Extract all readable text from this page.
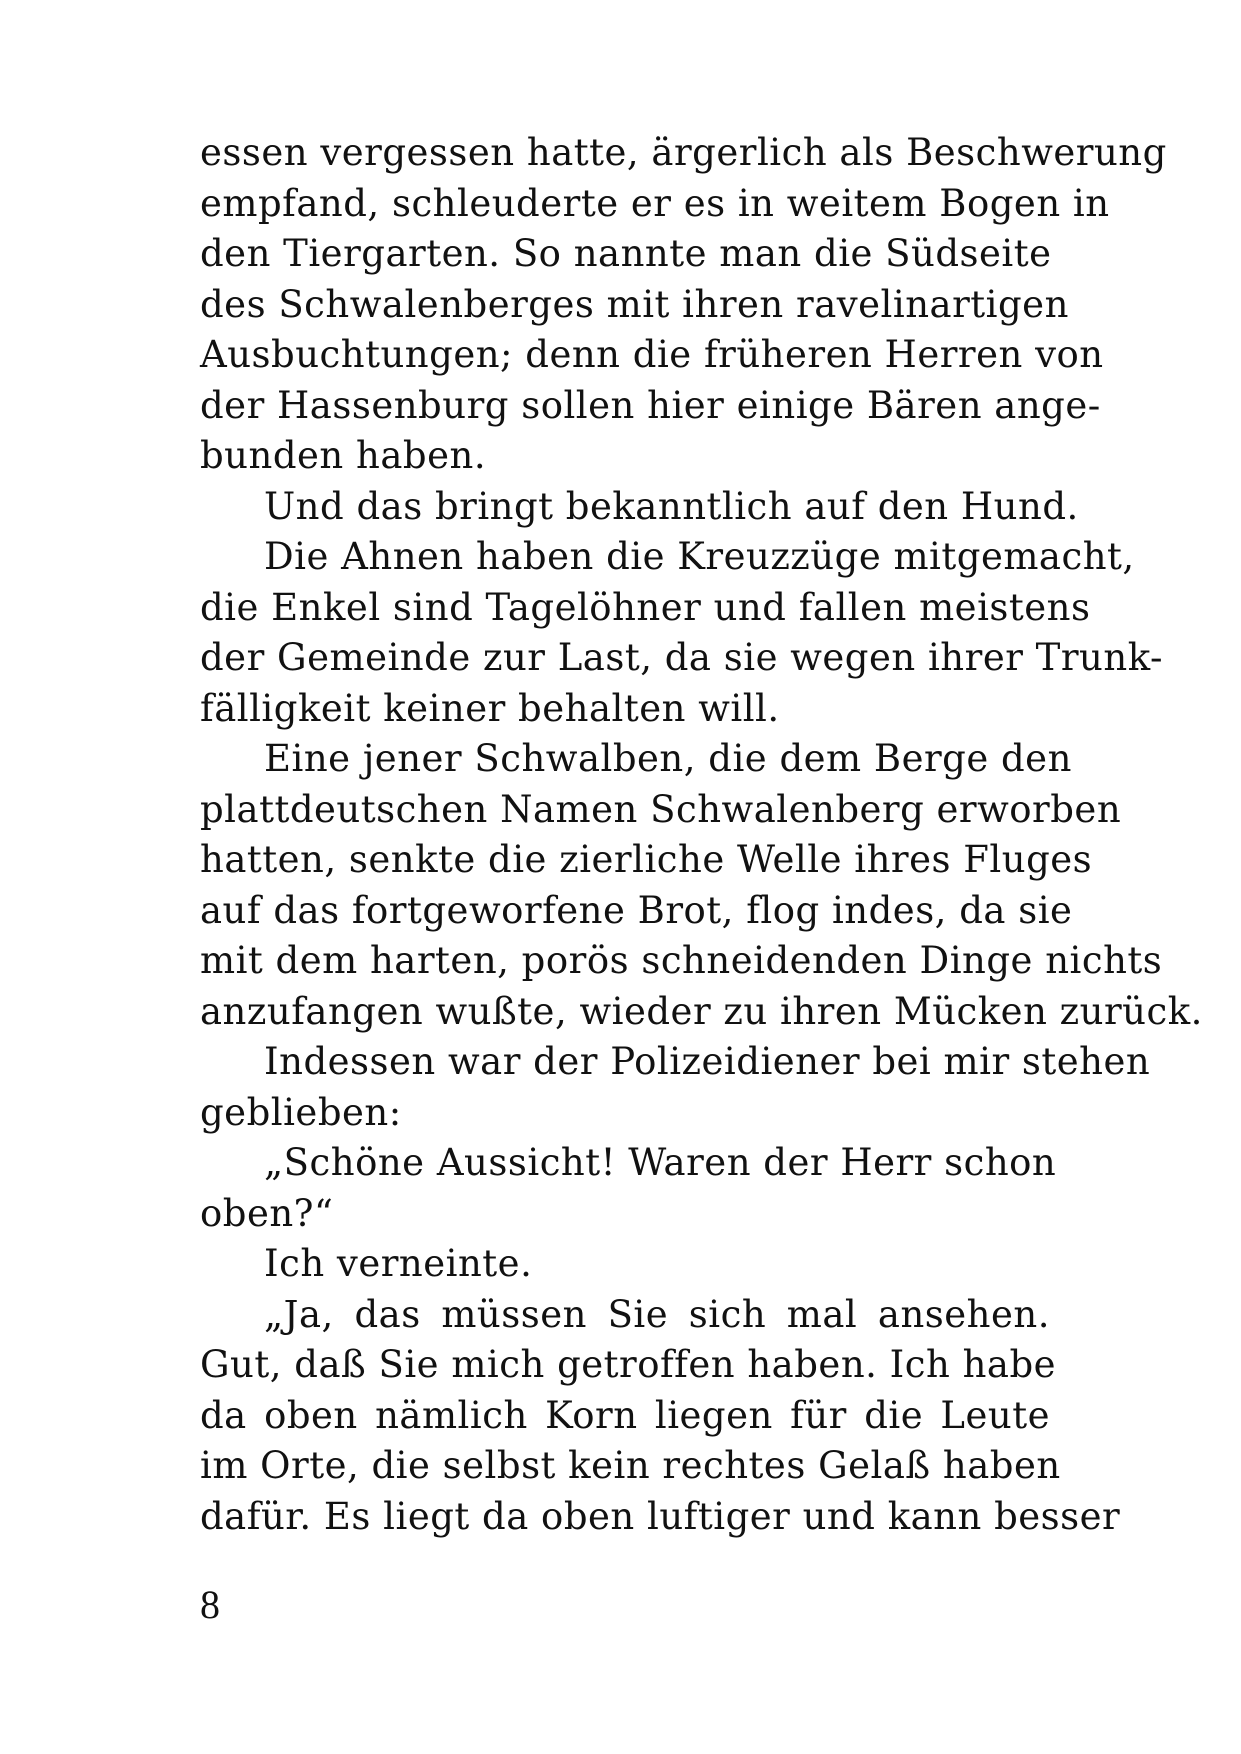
essen vergessen hatte, ärgerlich als Beschwerung
empfand, schleuderte er es in weitem Bogen in
den Tiergarten. So nannte man die Südseite
des Schwalenberges mit ihren ravelinartigen
Ausbuchtungen; denn die früheren Herren von
der Hassenburg sollen hier einige Bären ange-
bunden haben.
Und das bringt bekanntlich auf den Hund.
Die Ahnen haben die Kreuzzüge mitgemacht,
die Enkel sind Tagelöhner und fallen meistens
der Gemeinde zur Last, da sie wegen ihrer Trunk-
fälligkeit keiner behalten will.
Eine jener Schwalben, die dem Berge den
plattdeutschen Namen Schwalenberg erworben
hatten, senkte die zierliche Welle ihres Fluges
auf das fortgeworfene Brot, flog indes, da sie
mit dem harten, porös schneidenden Dinge nichts
anzufangen wußte, wieder zu ihren Mücken zurück.
Indessen war der Polizeidiener bei mir stehen
geblieben:
„Schöne Aussicht! Waren der Herr schon
oben?“
Ich verneinte.
„Ja, das müssen Sie sich mal ansehen.
Gut, daß Sie mich getroffen haben. Ich habe
da oben nämlich Korn liegen für die Leute
im Orte, die selbst kein rechtes Gelaß haben
dafür. Es liegt da oben luftiger und kann besser
8
